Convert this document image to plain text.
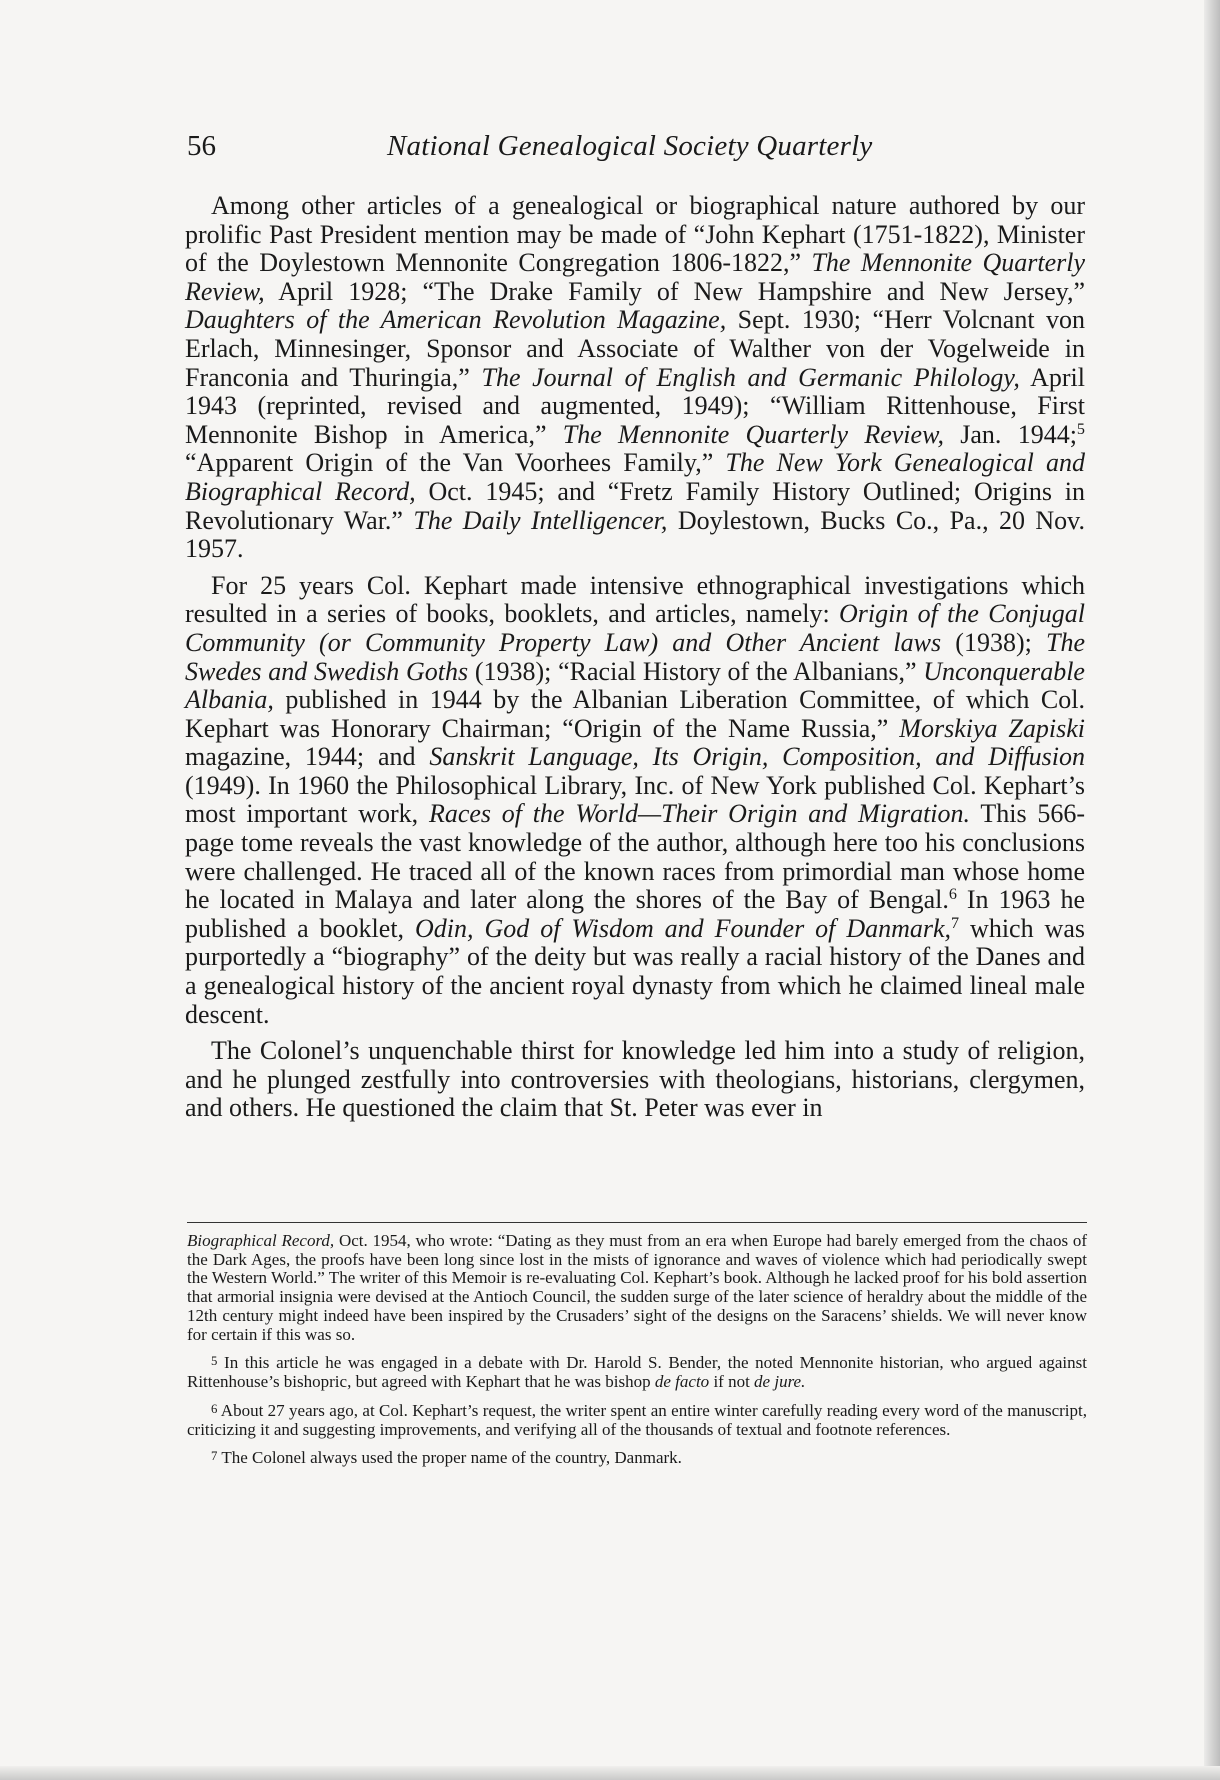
56	National Genealogical Society Quarterly

Among other articles of a genealogical or biographical nature authored by our prolific Past President mention may be made of “John Kephart (1751-1822), Minister of the Doylestown Mennonite Congregation 1806-1822,” The Mennonite Quarterly Review, April 1928; “The Drake Family of New Hampshire and New Jersey,” Daughters of the American Revolution Magazine, Sept. 1930; “Herr Volcnant von Erlach, Minnesinger, Sponsor and Associate of Walther von der Vogelweide in Franconia and Thuringia,” The Journal of English and Germanic Philology, April 1943 (reprinted, revised and augmented, 1949); “William Rittenhouse, First Mennonite Bishop in America,” The Mennonite Quarterly Review, Jan. 1944;$^5$ “Apparent Origin of the Van Voorhees Family,” The New York Genealogical and Biographical Record, Oct. 1945; and “Fretz Family History Outlined; Origins in Revolutionary War.” The Daily Intelligencer, Doylestown, Bucks Co., Pa., 20 Nov. 1957.

For 25 years Col. Kephart made intensive ethnographical investigations which resulted in a series of books, booklets, and articles, namely: Origin of the Conjugal Community (or Community Property Law) and Other Ancient laws (1938); The Swedes and Swedish Goths (1938); “Racial History of the Albanians,” Unconquerable Albania, published in 1944 by the Albanian Liberation Committee, of which Col. Kephart was Honorary Chairman; “Origin of the Name Russia,” Morskiya Zapiski magazine, 1944; and Sanskrit Language, Its Origin, Composition, and Diffusion (1949). In 1960 the Philosophical Library, Inc. of New York published Col. Kephart’s most important work, Races of the World—Their Origin and Migration. This 566-page tome reveals the vast knowledge of the author, although here too his conclusions were challenged. He traced all of the known races from primordial man whose home he located in Malaya and later along the shores of the Bay of Bengal.$^6$ In 1963 he published a booklet, Odin, God of Wisdom and Founder of Danmark,$^7$ which was purportedly a “biography” of the deity but was really a racial history of the Danes and a genealogical history of the ancient royal dynasty from which he claimed lineal male descent.

The Colonel’s unquenchable thirst for knowledge led him into a study of religion, and he plunged zestfully into controversies with theologians, historians, clergymen, and others. He questioned the claim that St. Peter was ever in

Biographical Record, Oct. 1954, who wrote: “Dating as they must from an era when Europe had barely emerged from the chaos of the Dark Ages, the proofs have been long since lost in the mists of ignorance and waves of violence which had periodically swept the Western World.” The writer of this Memoir is re-evaluating Col. Kephart’s book. Although he lacked proof for his bold assertion that armorial insignia were devised at the Antioch Council, the sudden surge of the later science of heraldry about the middle of the 12th century might indeed have been inspired by the Crusaders’ sight of the designs on the Saracens’ shields. We will never know for certain if this was so.

5 In this article he was engaged in a debate with Dr. Harold S. Bender, the noted Mennonite historian, who argued against Rittenhouse’s bishopric, but agreed with Kephart that he was bishop de facto if not de jure.

6 About 27 years ago, at Col. Kephart’s request, the writer spent an entire winter carefully reading every word of the manuscript, criticizing it and suggesting improvements, and verifying all of the thousands of textual and footnote references.

7 The Colonel always used the proper name of the country, Danmark.
